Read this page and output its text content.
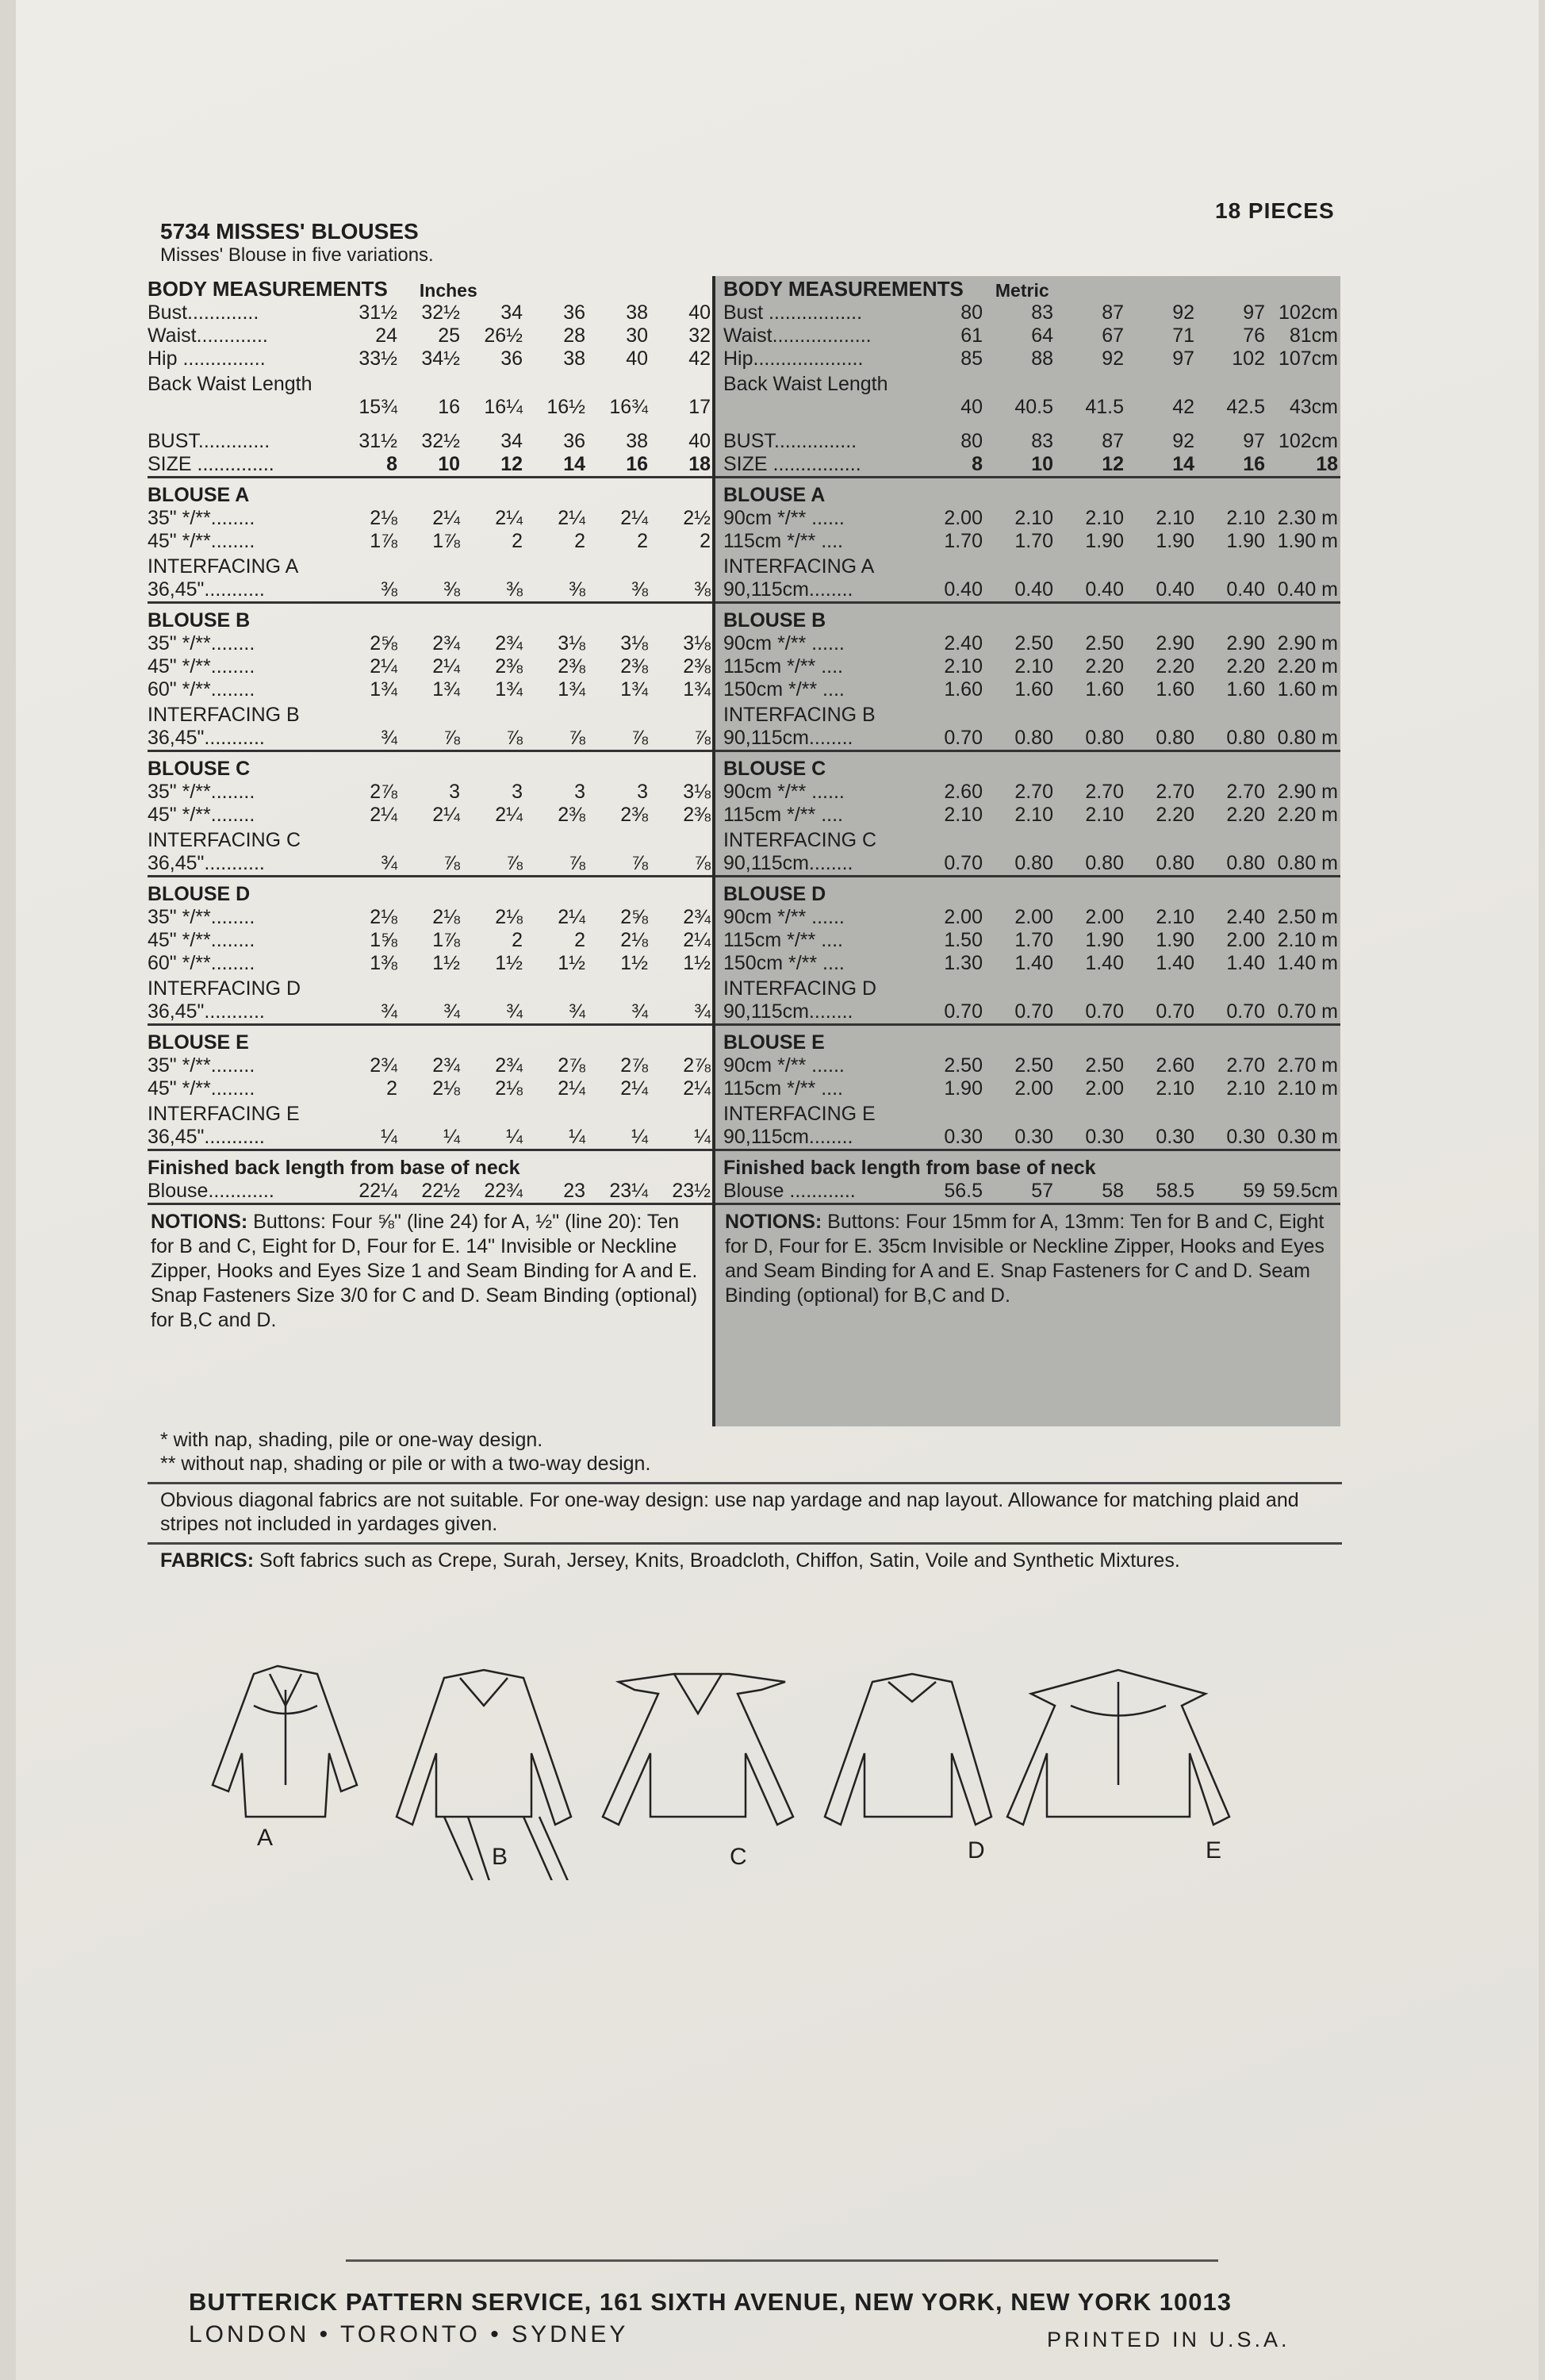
5734 MISSES' BLOUSES
Misses' Blouse in five variations.
18 PIECES
BODY MEASUREMENTS Inches
Bust.............	31½	32½	34	36	38	40
Waist.............	24	25	26½	28	30	32
Hip ...............	33½	34½	36	38	40	42
Back Waist Length
15¾	16	16¼	16½	16¾	17
BUST.............	31½	32½	34	36	38	40
SIZE ..............	8	10	12	14	16	18
BLOUSE A
35" */**........	2⅛	2¼	2¼	2¼	2¼	2½
45" */**........	1⅞	1⅞	2	2	2	2
INTERFACING A
36,45"...........	⅜	⅜	⅜	⅜	⅜	⅜
BLOUSE B
35" */**........	2⅝	2¾	2¾	3⅛	3⅛	3⅛
45" */**........	2¼	2¼	2⅜	2⅜	2⅜	2⅜
60" */**........	1¾	1¾	1¾	1¾	1¾	1¾
INTERFACING B
36,45"...........	¾	⅞	⅞	⅞	⅞	⅞
BLOUSE C
35" */**........	2⅞	3	3	3	3	3⅛
45" */**........	2¼	2¼	2¼	2⅜	2⅜	2⅜
INTERFACING C
36,45"...........	¾	⅞	⅞	⅞	⅞	⅞
BLOUSE D
35" */**........	2⅛	2⅛	2⅛	2¼	2⅝	2¾
45" */**........	1⅝	1⅞	2	2	2⅛	2¼
60" */**........	1⅜	1½	1½	1½	1½	1½
INTERFACING D
36,45"...........	¾	¾	¾	¾	¾	¾
BLOUSE E
35" */**........	2¾	2¾	2¾	2⅞	2⅞	2⅞
45" */**........	2	2⅛	2⅛	2¼	2¼	2¼
INTERFACING E
36,45"...........	¼	¼	¼	¼	¼	¼
Finished back length from base of neck
Blouse............	22¼	22½	22¾	23	23¼	23½
NOTIONS: Buttons: Four ⅝" (line 24) for A, ½" (line 20): Ten for B and C, Eight for D, Four for E. 14" Invisible or Neckline Zipper, Hooks and Eyes Size 1 and Seam Binding for A and E. Snap Fasteners Size 3/0 for C and D. Seam Binding (optional) for B,C and D.
BODY MEASUREMENTS Metric
Bust .................	80	83	87	92	97 102cm
Waist..................	61	64	67	71	76	81cm
Hip....................	85	88	92	97	102 107cm
Back Waist Length
40	40.5	41.5	42	42.5	43cm
BUST...............	80	83	87	92	97 102cm
SIZE ................	8	10	12	14	16	18
BLOUSE A
90cm */** ......	2.00	2.10	2.10	2.10	2.10 2.30 m
115cm */** ....	1.70	1.70	1.90	1.90	1.90 1.90 m
INTERFACING A
90,115cm........	0.40	0.40	0.40	0.40	0.40 0.40 m
BLOUSE B
90cm */** ......	2.40	2.50	2.50	2.90	2.90 2.90 m
115cm */** ....	2.10	2.10	2.20	2.20	2.20 2.20 m
150cm */** ....	1.60	1.60	1.60	1.60	1.60 1.60 m
INTERFACING B
90,115cm........	0.70	0.80	0.80	0.80	0.80 0.80 m
BLOUSE C
90cm */** ......	2.60	2.70	2.70	2.70	2.70 2.90 m
115cm */** ....	2.10	2.10	2.10	2.20	2.20 2.20 m
INTERFACING C
90,115cm........	0.70	0.80	0.80	0.80	0.80 0.80 m
BLOUSE D
90cm */** ......	2.00	2.00	2.00	2.10	2.40 2.50 m
115cm */** ....	1.50	1.70	1.90	1.90	2.00 2.10 m
150cm */** ....	1.30	1.40	1.40	1.40	1.40 1.40 m
INTERFACING D
90,115cm........	0.70	0.70	0.70	0.70	0.70 0.70 m
BLOUSE E
90cm */** ......	2.50	2.50	2.50	2.60	2.70 2.70 m
115cm */** ....	1.90	2.00	2.00	2.10	2.10 2.10 m
INTERFACING E
90,115cm........	0.30	0.30	0.30	0.30	0.30 0.30 m
Finished back length from base of neck
Blouse ............	56.5	57	58	58.5	59 59.5cm
NOTIONS: Buttons: Four 15mm for A, 13mm: Ten for B and C, Eight for D, Four for E. 35cm Invisible or Neckline Zipper, Hooks and Eyes and Seam Binding for A and E. Snap Fasteners for C and D. Seam Binding (optional) for B,C and D.
* with nap, shading, pile or one-way design.
** without nap, shading or pile or with a two-way design.
Obvious diagonal fabrics are not suitable. For one-way design: use nap yardage and nap layout. Allowance for matching plaid and stripes not included in yardages given.
FABRICS: Soft fabrics such as Crepe, Surah, Jersey, Knits, Broadcloth, Chiffon, Satin, Voile and Synthetic Mixtures.
A
B	C	D	E
BUTTERICK PATTERN SERVICE, 161 SIXTH AVENUE, NEW YORK, NEW YORK 10013
LONDON • TORONTO • SYDNEY	PRINTED IN U.S.A.
